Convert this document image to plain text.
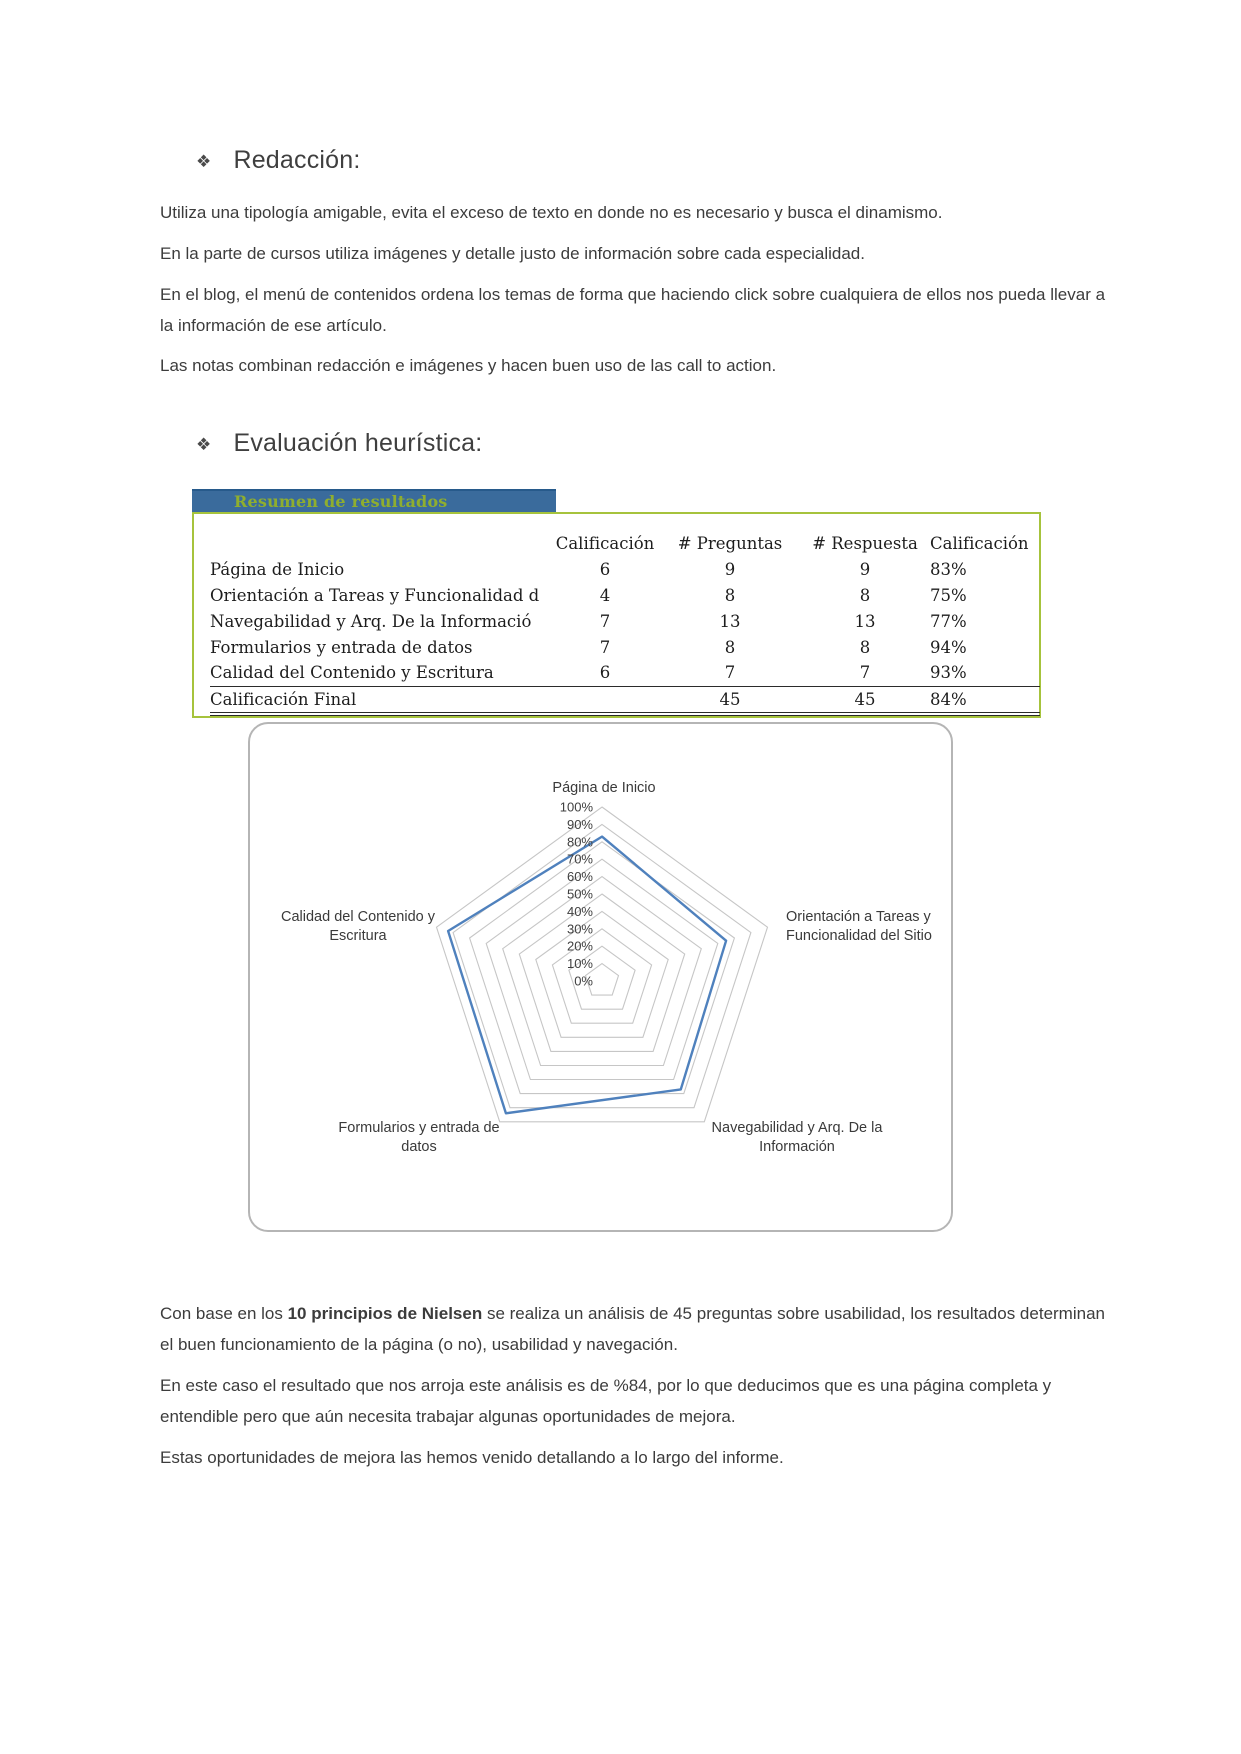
❖ Redacción:

Utiliza una tipología amigable, evita el exceso de texto en donde no es necesario y busca el dinamismo.

En la parte de cursos utiliza imágenes y detalle justo de información sobre cada especialidad.

En el blog, el menú de contenidos ordena los temas de forma que haciendo click sobre cualquiera de ellos nos pueda llevar a la información de ese artículo.

Las notas combinan redacción e imágenes y hacen buen uso de las call to action.

❖ Evaluación heurística:
Resumen de resultados
	Calificación	# Preguntas	# Respuesta	Calificación
Página de Inicio	6	9	9	83%
Orientación a Tareas y Funcionalidad d	4	8	8	75%
Navegabilidad y Arq. De la Informació	7	13	13	77%
Formularios y entrada de datos	7	8	8	94%
Calidad del Contenido y Escritura	6	7	7	93%
Calificación Final		45	45	84%
0%
10%
20%
30%
40%
50%
60%
70%
80%
90%
100%
Página de Inicio
Orientación a Tareas y
Funcionalidad del Sitio
Navegabilidad y Arq. De la
Información
Formularios y entrada de
datos
Calidad del Contenido y
Escritura

Con base en los 10 principios de Nielsen se realiza un análisis de 45 preguntas sobre usabilidad, los resultados determinan el buen funcionamiento de la página (o no), usabilidad y navegación.

En este caso el resultado que nos arroja este análisis es de %84, por lo que deducimos que es una página completa y entendible pero que aún necesita trabajar algunas oportunidades de mejora.

Estas oportunidades de mejora las hemos venido detallando a lo largo del informe.
